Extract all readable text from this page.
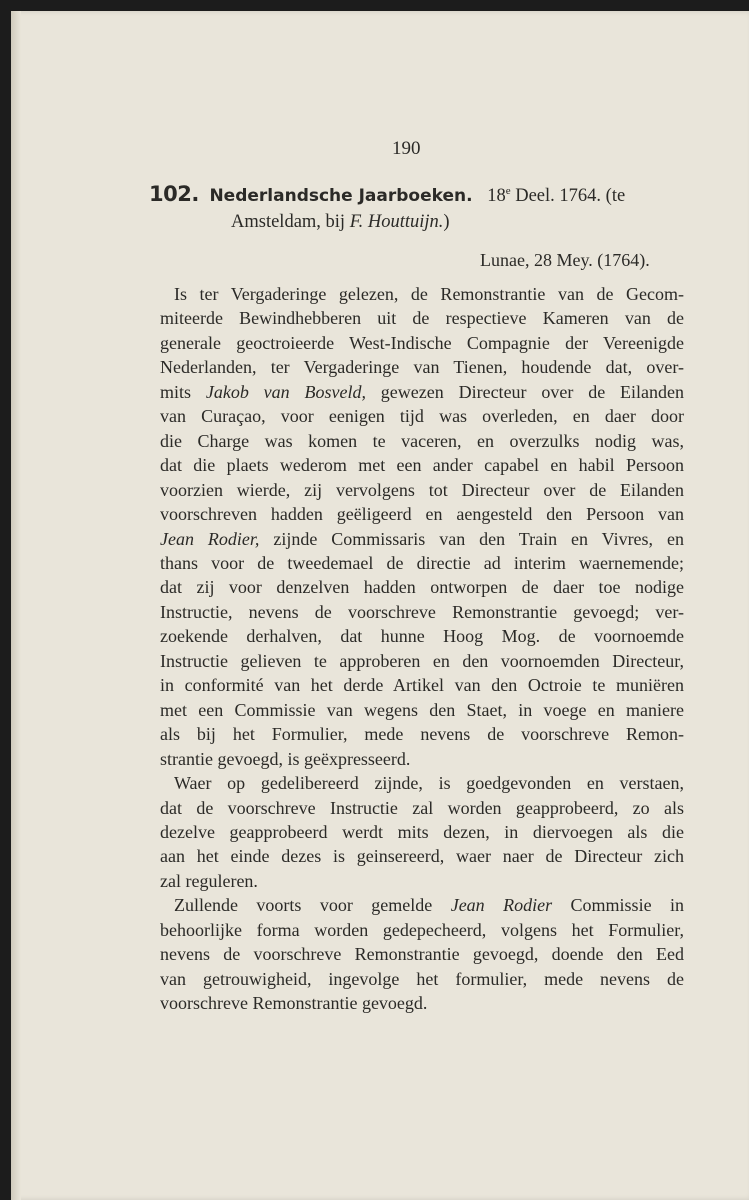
190
102. Nederlandsche Jaarboeken. 18e Deel. 1764. (te
Amsteldam, bij F. Houttuijn.)
Lunae, 28 Mey. (1764).
Is ter Vergaderinge gelezen, de Remonstrantie van de Gecom-
miteerde Bewindhebberen uit de respectieve Kameren van de
generale geoctroieerde West-Indische Compagnie der Vereenigde
Nederlanden, ter Vergaderinge van Tienen, houdende dat, over-
mits Jakob van Bosveld, gewezen Directeur over de Eilanden
van Curaçao, voor eenigen tijd was overleden, en daer door
die Charge was komen te vaceren, en overzulks nodig was,
dat die plaets wederom met een ander capabel en habil Persoon
voorzien wierde, zij vervolgens tot Directeur over de Eilanden
voorschreven hadden geëligeerd en aengesteld den Persoon van
Jean Rodier, zijnde Commissaris van den Train en Vivres, en
thans voor de tweedemael de directie ad interim waernemende;
dat zij voor denzelven hadden ontworpen de daer toe nodige
Instructie, nevens de voorschreve Remonstrantie gevoegd; ver-
zoekende derhalven, dat hunne Hoog Mog. de voornoemde
Instructie gelieven te approberen en den voornoemden Directeur,
in conformité van het derde Artikel van den Octroie te muniëren
met een Commissie van wegens den Staet, in voege en maniere
als bij het Formulier, mede nevens de voorschreve Remon-
strantie gevoegd, is geëxpresseerd.
Waer op gedelibereerd zijnde, is goedgevonden en verstaen,
dat de voorschreve Instructie zal worden geapprobeerd, zo als
dezelve geapprobeerd werdt mits dezen, in diervoegen als die
aan het einde dezes is geinsereerd, waer naer de Directeur zich
zal reguleren.
Zullende voorts voor gemelde Jean Rodier Commissie in
behoorlijke forma worden gedepecheerd, volgens het Formulier,
nevens de voorschreve Remonstrantie gevoegd, doende den Eed
van getrouwigheid, ingevolge het formulier, mede nevens de
voorschreve Remonstrantie gevoegd.
